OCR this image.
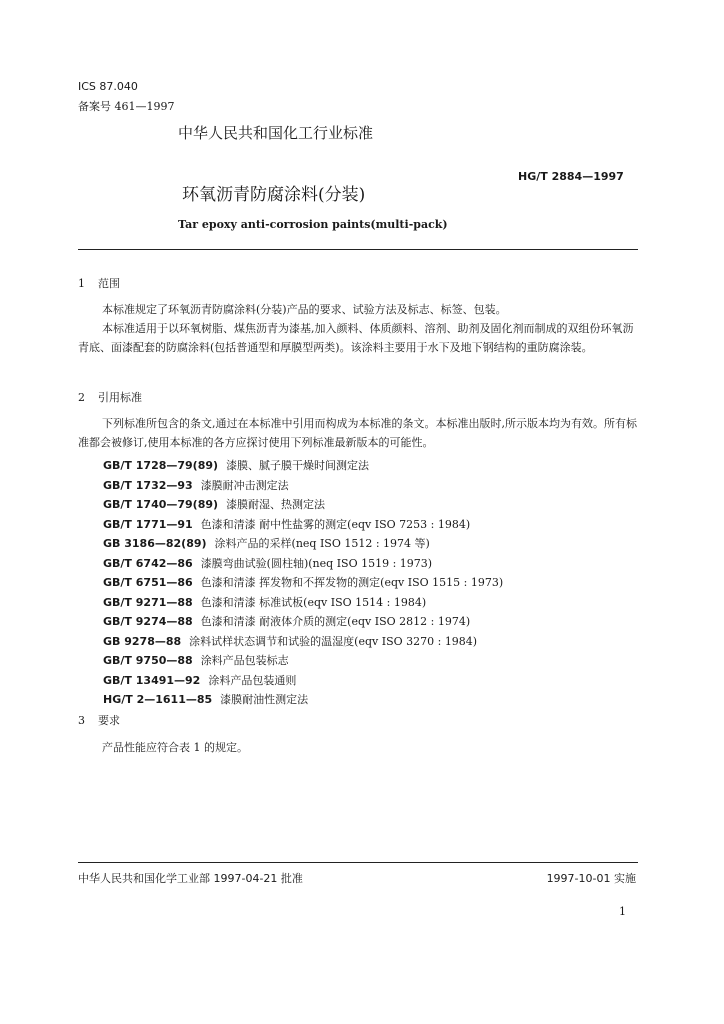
ICS 87.040
备案号 461—1997
中华人民共和国化工行业标准
HG/T 2884—1997
环氧沥青防腐涂料(分装)
Tar epoxy anti-corrosion paints(multi-pack)
1 范围

本标准规定了环氧沥青防腐涂料(分装)产品的要求、试验方法及标志、标签、包装。

本标准适用于以环氧树脂、煤焦沥青为漆基,加入颜料、体质颜料、溶剂、助剂及固化剂而制成的双组份环氧沥青底、面漆配套的防腐涂料(包括普通型和厚膜型两类)。该涂料主要用于水下及地下钢结构的重防腐涂装。

2 引用标准

下列标准所包含的条文,通过在本标准中引用而构成为本标准的条文。本标准出版时,所示版本均为有效。所有标准都会被修订,使用本标准的各方应探讨使用下列标准最新版本的可能性。

GB/T 1728—79(89) 漆膜、腻子膜干燥时间测定法
GB/T 1732—93 漆膜耐冲击测定法
GB/T 1740—79(89) 漆膜耐湿、热测定法
GB/T 1771—91 色漆和清漆 耐中性盐雾的测定(eqv ISO 7253 : 1984)
GB 3186—82(89) 涂料产品的采样(neq ISO 1512 : 1974 等)
GB/T 6742—86 漆膜弯曲试验(圆柱轴)(neq ISO 1519 : 1973)
GB/T 6751—86 色漆和清漆 挥发物和不挥发物的测定(eqv ISO 1515 : 1973)
GB/T 9271—88 色漆和清漆 标准试板(eqv ISO 1514 : 1984)
GB/T 9274—88 色漆和清漆 耐液体介质的测定(eqv ISO 2812 : 1974)
GB 9278—88 涂料试样状态调节和试验的温湿度(eqv ISO 3270 : 1984)
GB/T 9750—88 涂料产品包装标志
GB/T 13491—92 涂料产品包装通则
HG/T 2—1611—85 漆膜耐油性测定法
3 要求

产品性能应符合表 1 的规定。

中华人民共和国化学工业部 1997-04-21 批准	1997-10-01 实施
1
